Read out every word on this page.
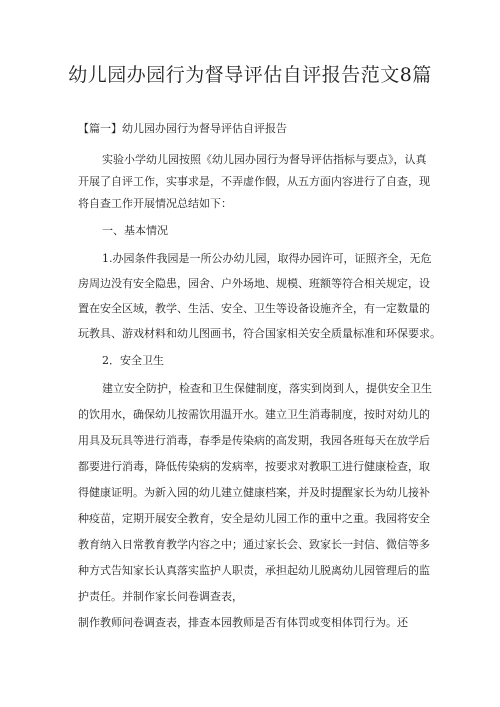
幼儿园办园行为督导评估自评报告范文8篇
【篇一】幼儿园办园行为督导评估自评报告
实验小学幼儿园按照《幼儿园办园行为督导评估指标与要点》，认真
开展了自评工作，实事求是，不弄虚作假，从五方面内容进行了自查，现
将自查工作开展情况总结如下：
一、基本情况
1.办园条件我园是一所公办幼儿园，取得办园许可，证照齐全，无危
房周边没有安全隐患，园舍、户外场地、规模、班额等符合相关规定，设
置在安全区域，教学、生活、安全、卫生等设备设施齐全，有一定数量的
玩教具、游戏材料和幼儿图画书，符合国家相关安全质量标准和环保要求。
2．安全卫生
建立安全防护，检查和卫生保健制度，落实到岗到人，提供安全卫生
的饮用水，确保幼儿按需饮用温开水。建立卫生消毒制度，按时对幼儿的
用具及玩具等进行消毒，春季是传染病的高发期，我园各班每天在放学后
都要进行消毒，降低传染病的发病率，按要求对教职工进行健康检查，取
得健康证明。为新入园的幼儿建立健康档案，并及时提醒家长为幼儿接补
种疫苗，定期开展安全教育，安全是幼儿园工作的重中之重。我园将安全
教育纳入日常教育教学内容之中；通过家长会、致家长一封信、微信等多
种方式告知家长认真落实监护人职责，承担起幼儿脱离幼儿园管理后的监
护责任。并制作家长问卷调查表，
制作教师问卷调查表，排查本园教师是否有体罚或变相体罚行为。还
